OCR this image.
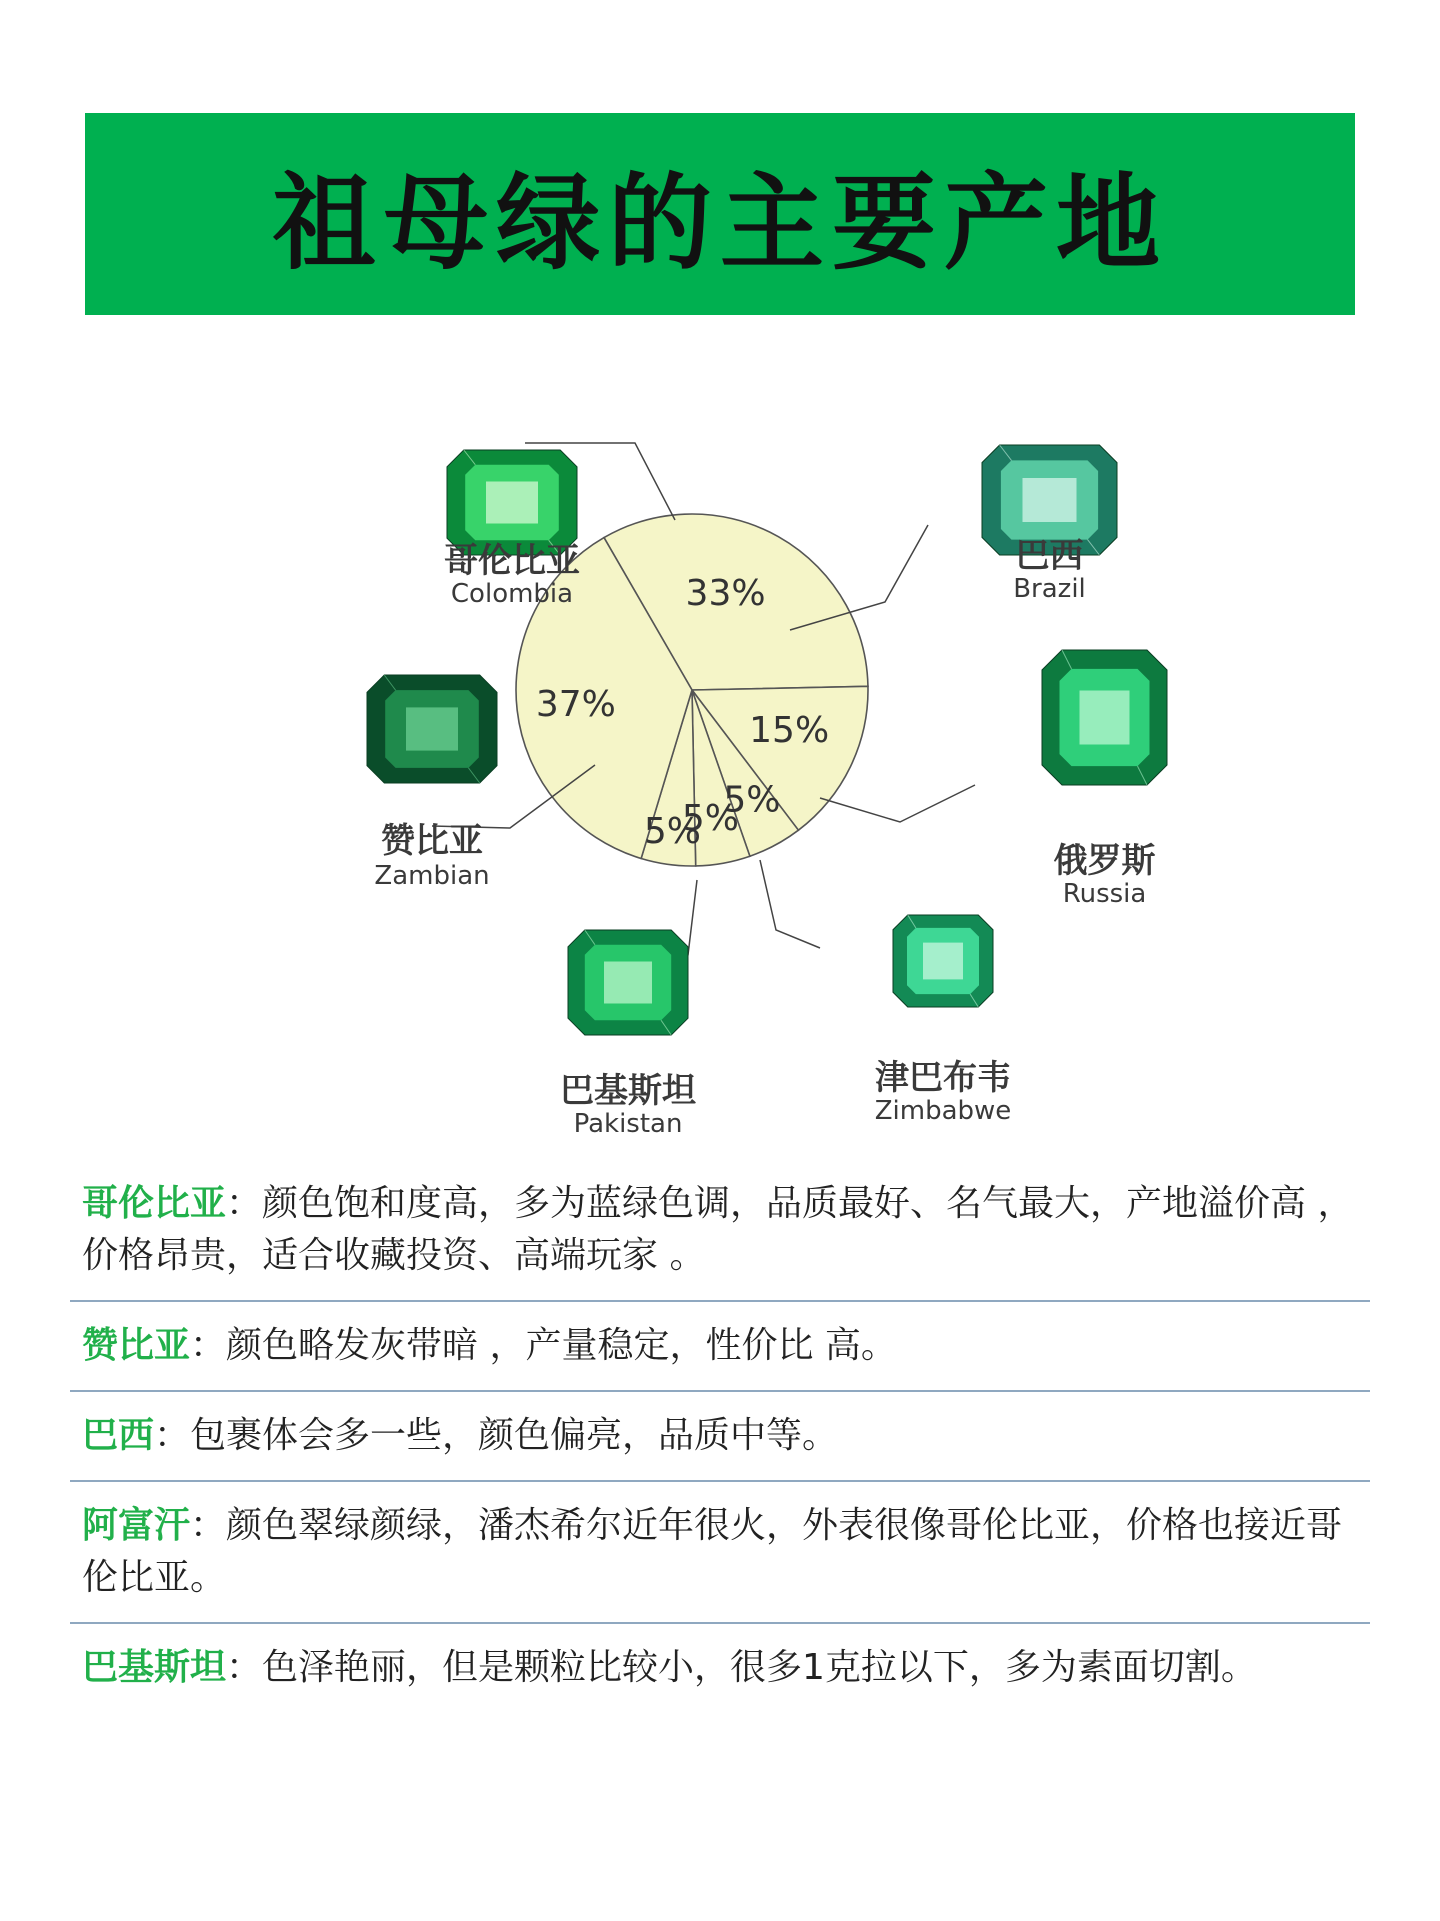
祖母绿的主要产地
33%
15%
5%
5%
5%
37%
哥伦比亚
Colombia
巴西
Brazil
俄罗斯
Russia
津巴布韦
Zimbabwe
巴基斯坦
Pakistan
赞比亚
Zambian
哥伦比亚：颜色饱和度高，多为蓝绿色调，品质最好、名气最大，产地溢价高 ，价格昂贵，适合收藏投资、高端玩家 。
赞比亚：颜色略发灰带暗 ，产量稳定，性价比 高。
巴西：包裹体会多一些，颜色偏亮，品质中等。
阿富汗：颜色翠绿颜绿，潘杰希尔近年很火，外表很像哥伦比亚，价格也接近哥伦比亚。
巴基斯坦：色泽艳丽，但是颗粒比较小，很多1克拉以下，多为素面切割。
